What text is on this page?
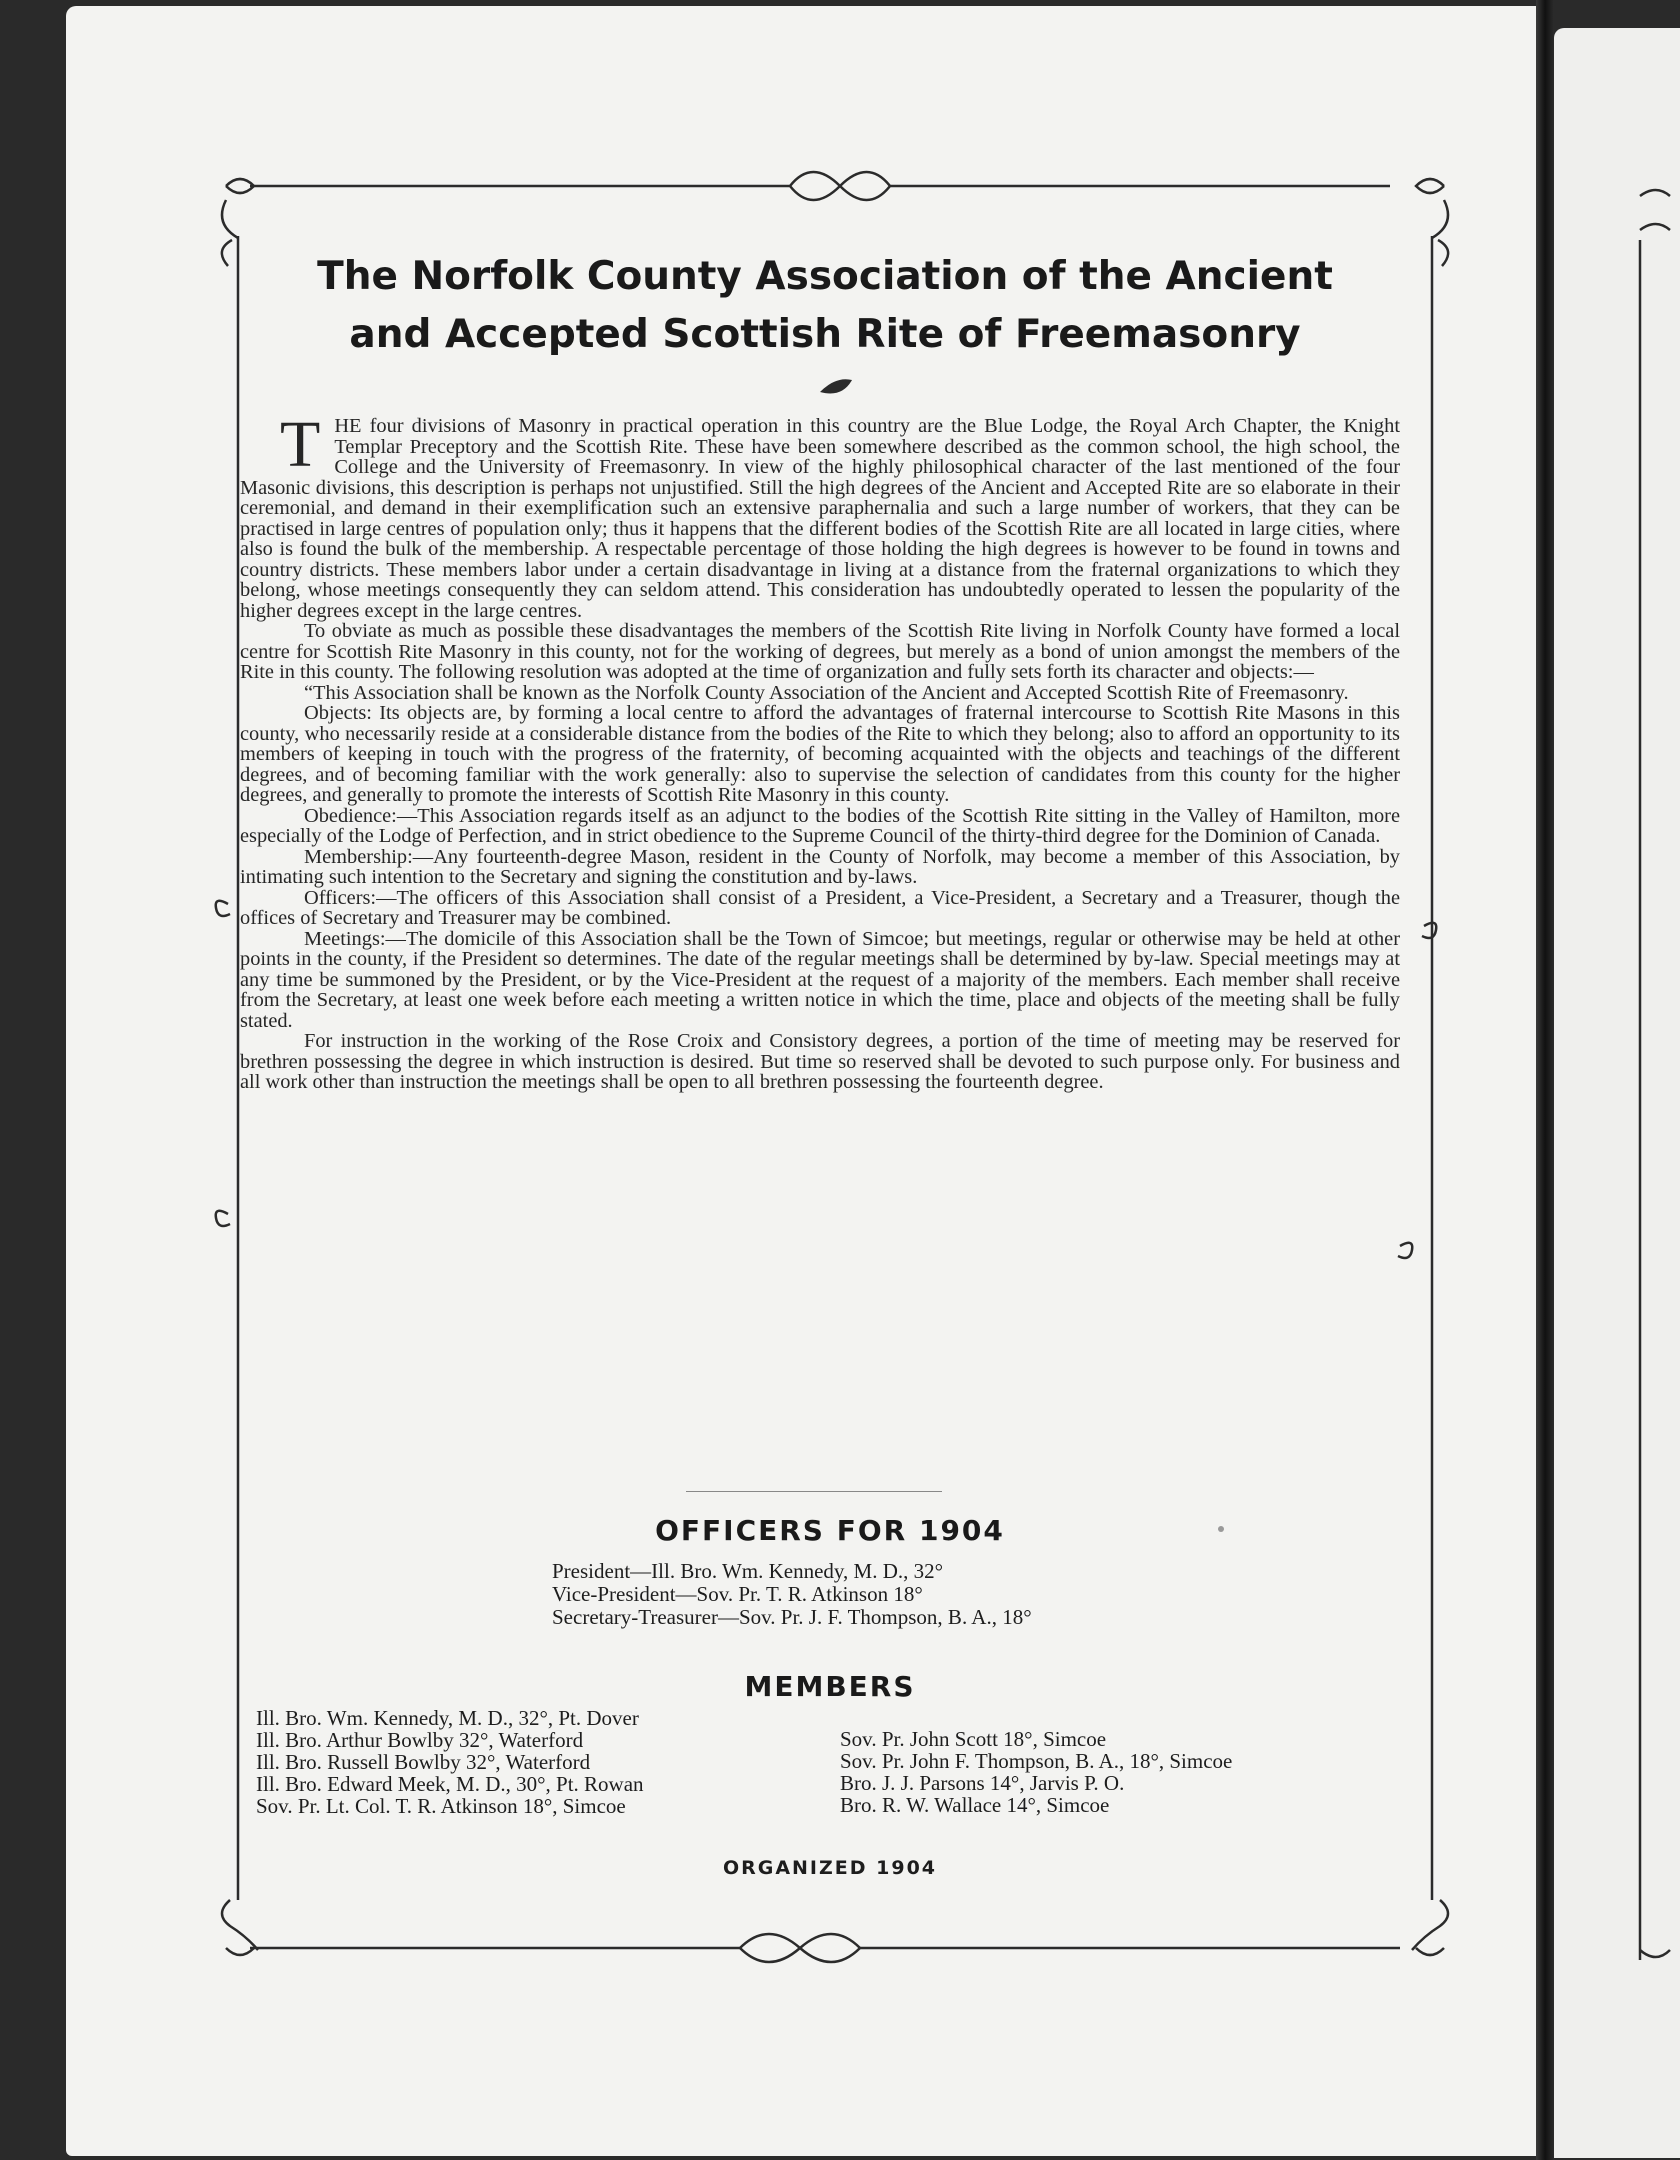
The Norfolk County Association of the Ancient
and Accepted Scottish Rite of Freemasonry

THE four divisions of Masonry in practical operation in this country are the Blue Lodge, the Royal Arch Chapter, the Knight Templar Preceptory and the Scottish Rite. These have been somewhere described as the common school, the high school, the College and the University of Freemasonry. In view of the highly philosophical character of the last mentioned of the four Masonic divisions, this description is perhaps not unjustified. Still the high degrees of the Ancient and Accepted Rite are so elaborate in their ceremonial, and demand in their exemplification such an extensive paraphernalia and such a large number of workers, that they can be practised in large centres of population only; thus it happens that the different bodies of the Scottish Rite are all located in large cities, where also is found the bulk of the membership. A respectable percentage of those holding the high degrees is however to be found in towns and country districts. These members labor under a certain disadvantage in living at a distance from the fraternal organizations to which they belong, whose meetings consequently they can seldom attend. This consideration has undoubtedly operated to lessen the popularity of the higher degrees except in the large centres.

To obviate as much as possible these disadvantages the members of the Scottish Rite living in Norfolk County have formed a local centre for Scottish Rite Masonry in this county, not for the working of degrees, but merely as a bond of union amongst the members of the Rite in this county. The following resolution was adopted at the time of organization and fully sets forth its character and objects:—

“This Association shall be known as the Norfolk County Association of the Ancient and Accepted Scottish Rite of Freemasonry.

Objects: Its objects are, by forming a local centre to afford the advantages of fraternal intercourse to Scottish Rite Masons in this county, who necessarily reside at a considerable distance from the bodies of the Rite to which they belong; also to afford an opportunity to its members of keeping in touch with the progress of the fraternity, of becoming acquainted with the objects and teachings of the different degrees, and of becoming familiar with the work generally: also to supervise the selection of candidates from this county for the higher degrees, and generally to promote the interests of Scottish Rite Masonry in this county.

Obedience:—This Association regards itself as an adjunct to the bodies of the Scottish Rite sitting in the Valley of Hamilton, more especially of the Lodge of Perfection, and in strict obedience to the Supreme Council of the thirty-third degree for the Dominion of Canada.

Membership:—Any fourteenth-degree Mason, resident in the County of Norfolk, may become a member of this Association, by intimating such intention to the Secretary and signing the constitution and by-laws.

Officers:—The officers of this Association shall consist of a President, a Vice-President, a Secretary and a Treasurer, though the offices of Secretary and Treasurer may be combined.

Meetings:—The domicile of this Association shall be the Town of Simcoe; but meetings, regular or otherwise may be held at other points in the county, if the President so determines. The date of the regular meetings shall be determined by by-law. Special meetings may at any time be summoned by the President, or by the Vice-President at the request of a majority of the members. Each member shall receive from the Secretary, at least one week before each meeting a written notice in which the time, place and objects of the meeting shall be fully stated.

For instruction in the working of the Rose Croix and Consistory degrees, a portion of the time of meeting may be reserved for brethren possessing the degree in which instruction is desired. But time so reserved shall be devoted to such purpose only. For business and all work other than instruction the meetings shall be open to all brethren possessing the fourteenth degree.

OFFICERS FOR 1904
President—Ill. Bro. Wm. Kennedy, M. D., 32°
Vice-President—Sov. Pr. T. R. Atkinson 18°
Secretary-Treasurer—Sov. Pr. J. F. Thompson, B. A., 18°
MEMBERS
Ill. Bro. Wm. Kennedy, M. D., 32°, Pt. Dover
Ill. Bro. Arthur Bowlby 32°, Waterford
Ill. Bro. Russell Bowlby 32°, Waterford
Ill. Bro. Edward Meek, M. D., 30°, Pt. Rowan
Sov. Pr. Lt. Col. T. R. Atkinson 18°, Simcoe
Sov. Pr. John Scott 18°, Simcoe
Sov. Pr. John F. Thompson, B. A., 18°, Simcoe
Bro. J. J. Parsons 14°, Jarvis P. O.
Bro. R. W. Wallace 14°, Simcoe

ORGANIZED 1904
